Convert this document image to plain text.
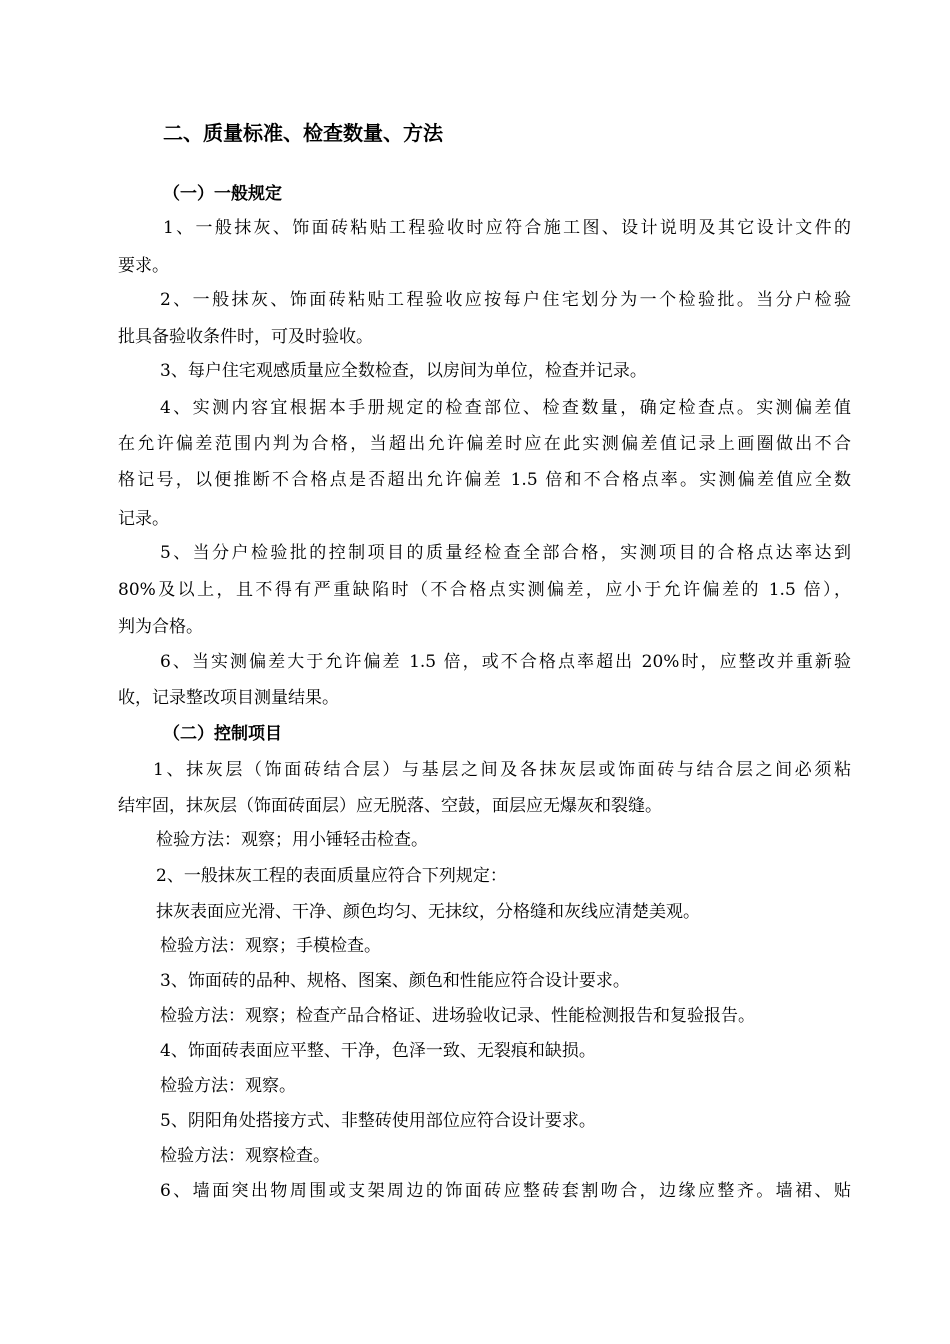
二、质量标准、检查数量、方法
（一）一般规定
1、一般抹灰、饰面砖粘贴工程验收时应符合施工图、设计说明及其它设计文件的
要求。
2、一般抹灰、饰面砖粘贴工程验收应按每户住宅划分为一个检验批。当分户检验
批具备验收条件时，可及时验收。
3、每户住宅观感质量应全数检查，以房间为单位，检查并记录。
4、实测内容宜根据本手册规定的检查部位、检查数量，确定检查点。实测偏差值
在允许偏差范围内判为合格，当超出允许偏差时应在此实测偏差值记录上画圈做出不合
格记号，以便推断不合格点是否超出允许偏差 1.5 倍和不合格点率。实测偏差值应全数
记录。
5、当分户检验批的控制项目的质量经检查全部合格，实测项目的合格点达率达到
80%及以上，且不得有严重缺陷时（不合格点实测偏差，应小于允许偏差的 1.5 倍），
判为合格。
6、当实测偏差大于允许偏差 1.5 倍，或不合格点率超出 20%时，应整改并重新验
收，记录整改项目测量结果。
（二）控制项目
1、抹灰层（饰面砖结合层）与基层之间及各抹灰层或饰面砖与结合层之间必须粘
结牢固，抹灰层（饰面砖面层）应无脱落、空鼓，面层应无爆灰和裂缝。
检验方法：观察；用小锤轻击检查。
2、一般抹灰工程的表面质量应符合下列规定：
抹灰表面应光滑、干净、颜色均匀、无抹纹，分格缝和灰线应清楚美观。
检验方法：观察；手模检查。
3、饰面砖的品种、规格、图案、颜色和性能应符合设计要求。
检验方法：观察；检查产品合格证、进场验收记录、性能检测报告和复验报告。
4、饰面砖表面应平整、干净，色泽一致、无裂痕和缺损。
检验方法：观察。
5、阴阳角处搭接方式、非整砖使用部位应符合设计要求。
检验方法：观察检查。
6、墙面突出物周围或支架周边的饰面砖应整砖套割吻合，边缘应整齐。墙裙、贴
